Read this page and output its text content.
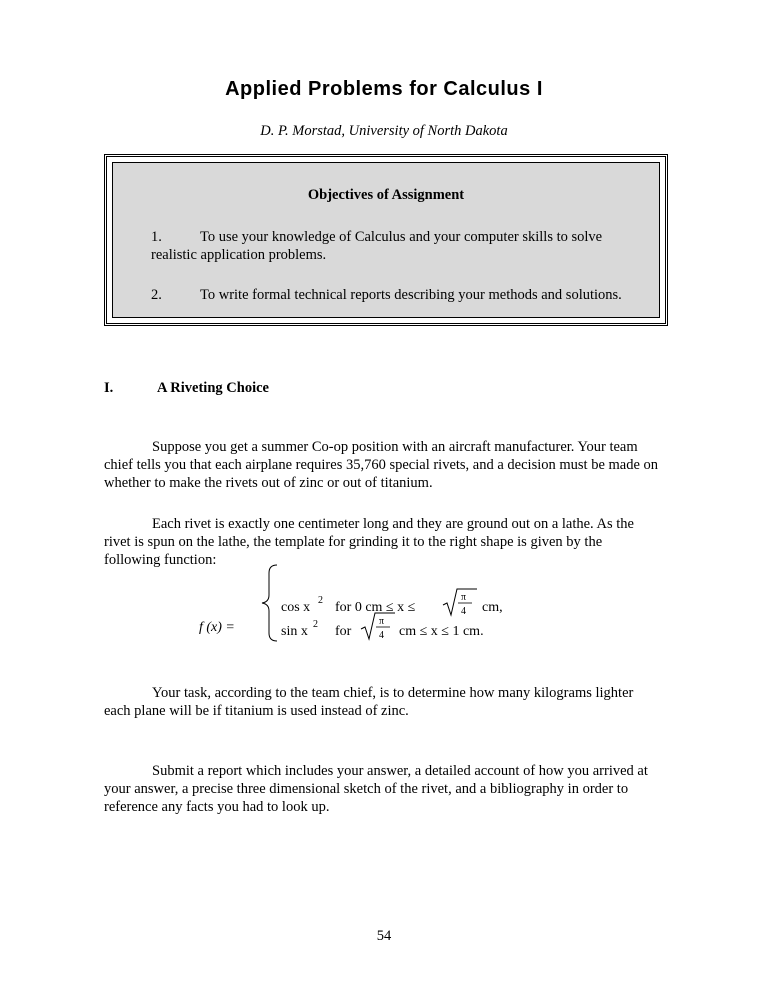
Applied Problems for Calculus I
D. P. Morstad, University of North Dakota
Objectives of Assignment
1.	To use your knowledge of Calculus and your computer skills to solve realistic application problems.
2.	To write formal technical reports describing your methods and solutions.
I.	A Riveting Choice
Suppose you get a summer Co-op position with an aircraft manufacturer. Your team chief tells you that each airplane requires 35,760 special rivets, and a decision must be made on whether to make the rivets out of zinc or out of titanium.
Each rivet is exactly one centimeter long and they are ground out on a lathe. As the rivet is spun on the lathe, the template for grinding it to the right shape is given by the following function:
f (x) =
cos x 2 for 0 cm ≤ x ≤
π
4 cm,
sin x 2 for
π
4 cm ≤ x ≤ 1 cm.
Your task, according to the team chief, is to determine how many kilograms lighter each plane will be if titanium is used instead of zinc.
Submit a report which includes your answer, a detailed account of how you arrived at your answer, a precise three dimensional sketch of the rivet, and a bibliography in order to reference any facts you had to look up.
54
